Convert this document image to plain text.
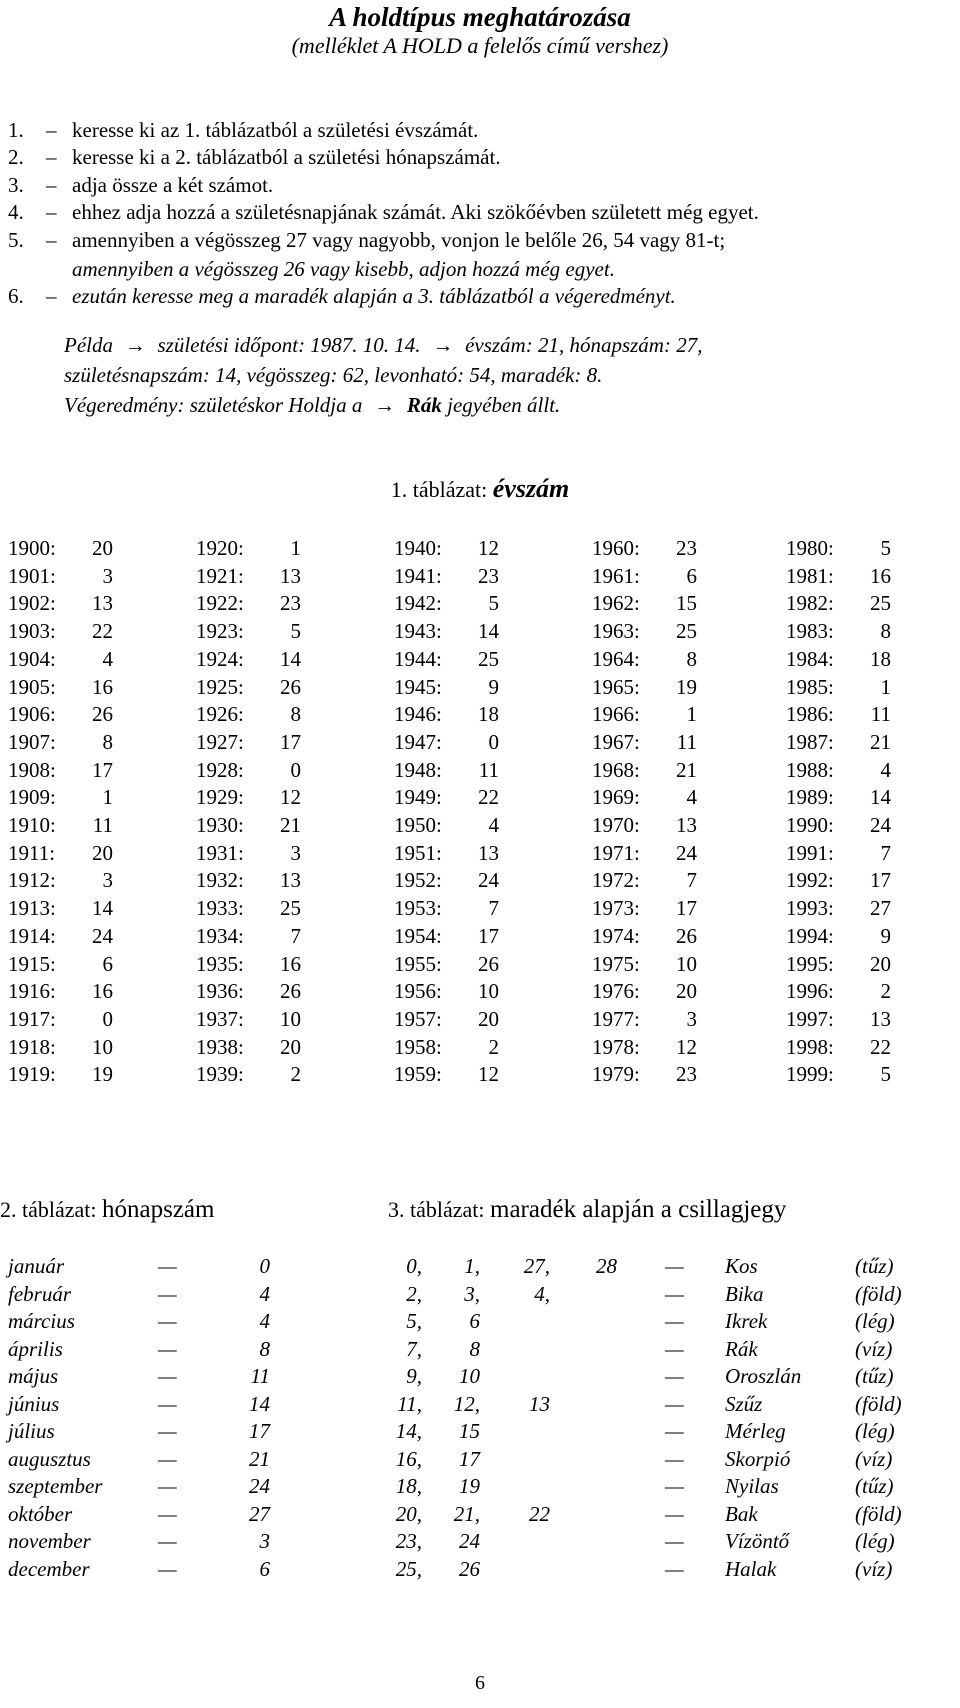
A holdtípus meghatározása
(melléklet A HOLD a felelős című vershez)
1. – keresse ki az 1. táblázatból a születési évszámát.
2. – keresse ki a 2. táblázatból a születési hónapszámát.
3. – adja össze a két számot.
4. – ehhez adja hozzá a születésnapjának számát. Aki szökőévben született még egyet.
5. – amennyiben a végösszeg 27 vagy nagyobb, vonjon le belőle 26, 54 vagy 81-t;
amennyiben a végösszeg 26 vagy kisebb, adjon hozzá még egyet.
6. – ezután keresse meg a maradék alapján a 3. táblázatból a végeredményt.
Példa → születési időpont: 1987. 10. 14. → évszám: 21, hónapszám: 27,
születésnapszám: 14, végösszeg: 62, levonható: 54, maradék: 8.
Végeredmény: születéskor Holdja a → Rák jegyében állt.
1. táblázat: évszám
1900: 20
1901: 3
1902: 13
1903: 22
1904: 4
1905: 16
1906: 26
1907: 8
1908: 17
1909: 1
1910: 11
1911: 20
1912: 3
1913: 14
1914: 24
1915: 6
1916: 16
1917: 0
1918: 10
1919: 19
1920: 1
1921: 13
1922: 23
1923: 5
1924: 14
1925: 26
1926: 8
1927: 17
1928: 0
1929: 12
1930: 21
1931: 3
1932: 13
1933: 25
1934: 7
1935: 16
1936: 26
1937: 10
1938: 20
1939: 2
1940: 12
1941: 23
1942: 5
1943: 14
1944: 25
1945: 9
1946: 18
1947: 0
1948: 11
1949: 22
1950: 4
1951: 13
1952: 24
1953: 7
1954: 17
1955: 26
1956: 10
1957: 20
1958: 2
1959: 12
1960: 23
1961: 6
1962: 15
1963: 25
1964: 8
1965: 19
1966: 1
1967: 11
1968: 21
1969: 4
1970: 13
1971: 24
1972: 7
1973: 17
1974: 26
1975: 10
1976: 20
1977: 3
1978: 12
1979: 23
1980: 5
1981: 16
1982: 25
1983: 8
1984: 18
1985: 1
1986: 11
1987: 21
1988: 4
1989: 14
1990: 24
1991: 7
1992: 17
1993: 27
1994: 9
1995: 20
1996: 2
1997: 13
1998: 22
1999: 5
2. táblázat: hónapszám	3. táblázat: maradék alapján a csillagjegy
január	—	0
február	—	4
március	—	4
április	—	8
május	—	11
június	—	14
július	—	17
augusztus	—	21
szeptember	—	24
október	—	27
november	—	3
december	—	6
0,	1,	27,	28 — Kos	(tűz)
2,	3,	4,	— Bika	(föld)
5,	6	— Ikrek	(lég)
7,	8	— Rák	(víz)
9,	10	— Oroszlán	(tűz)
11,	12,	13	— Szűz	(föld)
14,	15	— Mérleg	(lég)
16,	17	— Skorpió	(víz)
18,	19	— Nyilas	(tűz)
20,	21,	22	— Bak	(föld)
23,	24	— Vízöntő	(lég)
25,	26	— Halak	(víz)
6
